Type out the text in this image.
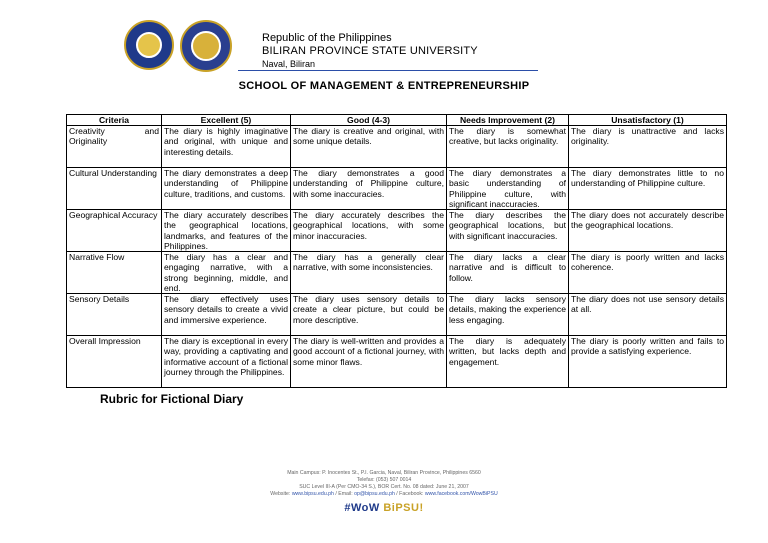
Republic of the Philippines
BILIRAN PROVINCE STATE UNIVERSITY
Naval, Biliran
SCHOOL OF MANAGEMENT & ENTREPRENEURSHIP
Criteria	Excellent (5)	Good (4-3)	Needs Improvement (2)	Unsatisfactory (1)
Creativity and Originality	The diary is highly imaginative and original, with unique and interesting details.	The diary is creative and original, with some unique details.	The diary is somewhat creative, but lacks originality.	The diary is unattractive and lacks originality.
Cultural Understanding	The diary demonstrates a deep understanding of Philippine culture, traditions, and customs.	The diary demonstrates a good understanding of Philippine culture, with some inaccuracies.	The diary demonstrates a basic understanding of Philippine culture, with significant inaccuracies.	The diary demonstrates little to no understanding of Philippine culture.
Geographical Accuracy	The diary accurately describes the geographical locations, landmarks, and features of the Philippines.	The diary accurately describes the geographical locations, with some minor inaccuracies.	The diary describes the geographical locations, but with significant inaccuracies.	The diary does not accurately describe the geographical locations.
Narrative Flow	The diary has a clear and engaging narrative, with a strong beginning, middle, and end.	The diary has a generally clear narrative, with some inconsistencies.	The diary lacks a clear narrative and is difficult to follow.	The diary is poorly written and lacks coherence.
Sensory Details	The diary effectively uses sensory details to create a vivid and immersive experience.	The diary uses sensory details to create a clear picture, but could be more descriptive.	The diary lacks sensory details, making the experience less engaging.	The diary does not use sensory details at all.
Overall Impression	The diary is exceptional in every way, providing a captivating and informative account of a fictional journey through the Philippines.	The diary is well-written and provides a good account of a fictional journey, with some minor flaws.	The diary is adequately written, but lacks depth and engagement.	The diary is poorly written and fails to provide a satisfying experience.
Rubric for Fictional Diary
Main Campus: P. Inocentes St., P.I. Garcia, Naval, Biliran Province, Philippines 6560
Telefax: (053) 507 0014
SUC Level III-A (Per CMO-34 S.), BOR Cert. No. 08 dated: June 21, 2007
Website: www.bipsu.edu.ph / Email: op@bipsu.edu.ph / Facebook: www.facebook.com/WowBiPSU
#WoW BiPSU!
